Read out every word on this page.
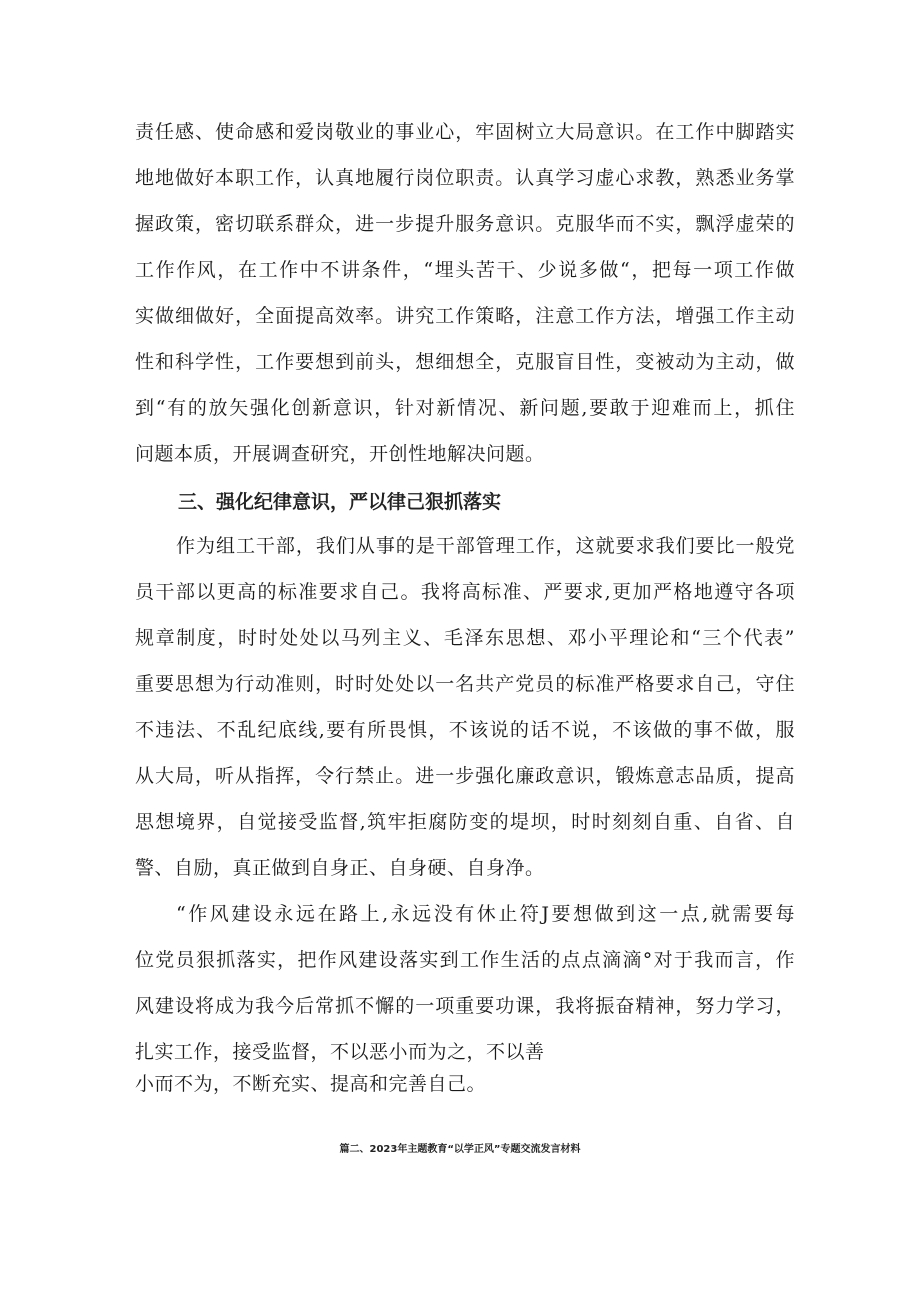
责任感、使命感和爱岗敬业的事业心，牢固树立大局意识。在工作中脚踏实
地地做好本职工作，认真地履行岗位职责。认真学习虚心求教，熟悉业务掌
握政策，密切联系群众，进一步提升服务意识。克服华而不实，飘浮虚荣的
工作作风，在工作中不讲条件，“埋头苦干、少说多做“，把每一项工作做
实做细做好，全面提高效率。讲究工作策略，注意工作方法，增强工作主动
性和科学性，工作要想到前头，想细想全，克服盲目性，变被动为主动，做
到“有的放矢强化创新意识，针对新情况、新问题,要敢于迎难而上，抓住
问题本质，开展调查研究，开创性地解决问题。
三、强化纪律意识，严以律己狠抓落实
作为组工干部，我们从事的是干部管理工作，这就要求我们要比一般党
员干部以更高的标准要求自己。我将高标准、严要求,更加严格地遵守各项
规章制度，时时处处以马列主义、毛泽东思想、邓小平理论和“三个代表”
重要思想为行动准则，时时处处以一名共产党员的标准严格要求自己，守住
不违法、不乱纪底线,要有所畏惧，不该说的话不说，不该做的事不做，服
从大局，听从指挥，令行禁止。进一步强化廉政意识，锻炼意志品质，提高
思想境界，自觉接受监督,筑牢拒腐防变的堤坝，时时刻刻自重、自省、自
警、自励，真正做到自身正、自身硬、自身净。
“作风建设永远在路上,永远没有休止符J要想做到这一点,就需要每
位党员狠抓落实，把作风建设落实到工作生活的点点滴滴°对于我而言，作
风建设将成为我今后常抓不懈的一项重要功课，我将振奋精神，努力学习，
扎实工作，接受监督，不以恶小而为之，不以善
小而不为，不断充实、提高和完善自己。
篇二、2023年主题教育“以学正风”专题交流发言材料
